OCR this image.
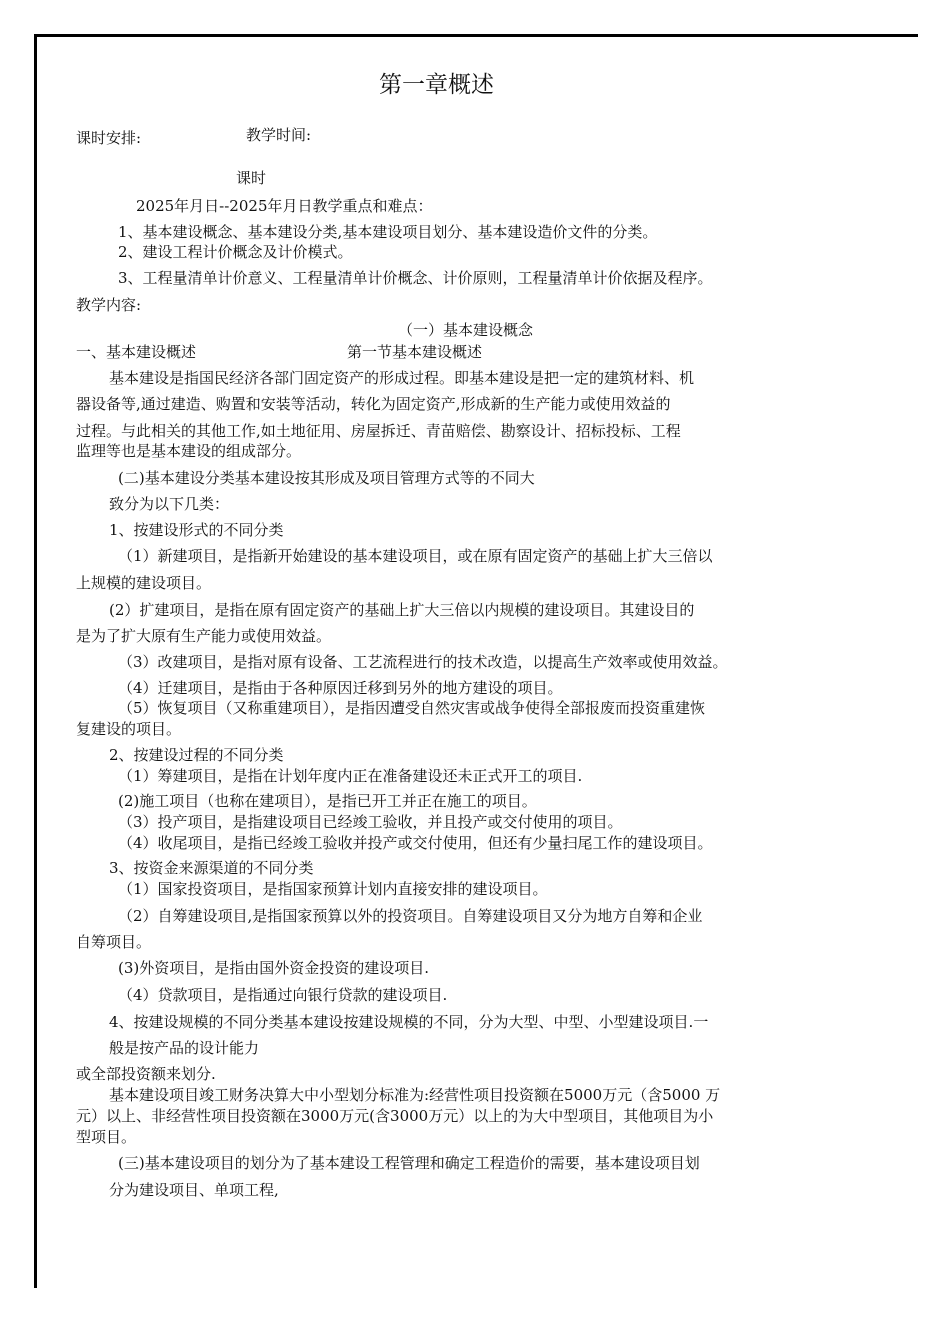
第一章概述
课时安排:	教学时间:
课时
2025年月日--2025年月日教学重点和难点：
1、基本建设概念、基本建设分类,基本建设项目划分、基本建设造价文件的分类。
2、建设工程计价概念及计价模式。
3、工程量清单计价意义、工程量清单计价概念、计价原则，工程量清单计价依据及程序。
教学内容:
（一）基本建设概念
一、基本建设概述	第一节基本建设概述
基本建设是指国民经济各部门固定资产的形成过程。即基本建设是把一定的建筑材料、机
器设备等,通过建造、购置和安装等活动，转化为固定资产,形成新的生产能力或使用效益的
过程。与此相关的其他工作,如土地征用、房屋拆迁、青苗赔偿、勘察设计、招标投标、工程
监理等也是基本建设的组成部分。
(二)基本建设分类基本建设按其形成及项目管理方式等的不同大
致分为以下几类：
1、按建设形式的不同分类
（1）新建项目，是指新开始建设的基本建设项目，或在原有固定资产的基础上扩大三倍以
上规模的建设项目。
(2）扩建项目，是指在原有固定资产的基础上扩大三倍以内规模的建设项目。其建设目的
是为了扩大原有生产能力或使用效益。
（3）改建项目，是指对原有设备、工艺流程进行的技术改造，以提高生产效率或使用效益。
（4）迁建项目，是指由于各种原因迁移到另外的地方建设的项目。
（5）恢复项目（又称重建项目），是指因遭受自然灾害或战争使得全部报废而投资重建恢
复建设的项目。
2、按建设过程的不同分类
（1）筹建项目，是指在计划年度内正在准备建设还未正式开工的项目.
(2)施工项目（也称在建项目），是指已开工并正在施工的项目。
（3）投产项目，是指建设项目已经竣工验收，并且投产或交付使用的项目。
（4）收尾项目，是指已经竣工验收并投产或交付使用，但还有少量扫尾工作的建设项目。
3、按资金来源渠道的不同分类
（1）国家投资项目，是指国家预算计划内直接安排的建设项目。
（2）自筹建设项目,是指国家预算以外的投资项目。自筹建设项目又分为地方自筹和企业
自筹项目。
(3)外资项目，是指由国外资金投资的建设项目.
（4）贷款项目，是指通过向银行贷款的建设项目.
4、按建设规模的不同分类基本建设按建设规模的不同，分为大型、中型、小型建设项目.一
般是按产品的设计能力
或全部投资额来划分.
基本建设项目竣工财务决算大中小型划分标准为:经营性项目投资额在5000万元（含5000 万
元）以上、非经营性项目投资额在3000万元(含3000万元）以上的为大中型项目，其他项目为小
型项目。
(三)基本建设项目的划分为了基本建设工程管理和确定工程造价的需要，基本建设项目划
分为建设项目、单项工程,
